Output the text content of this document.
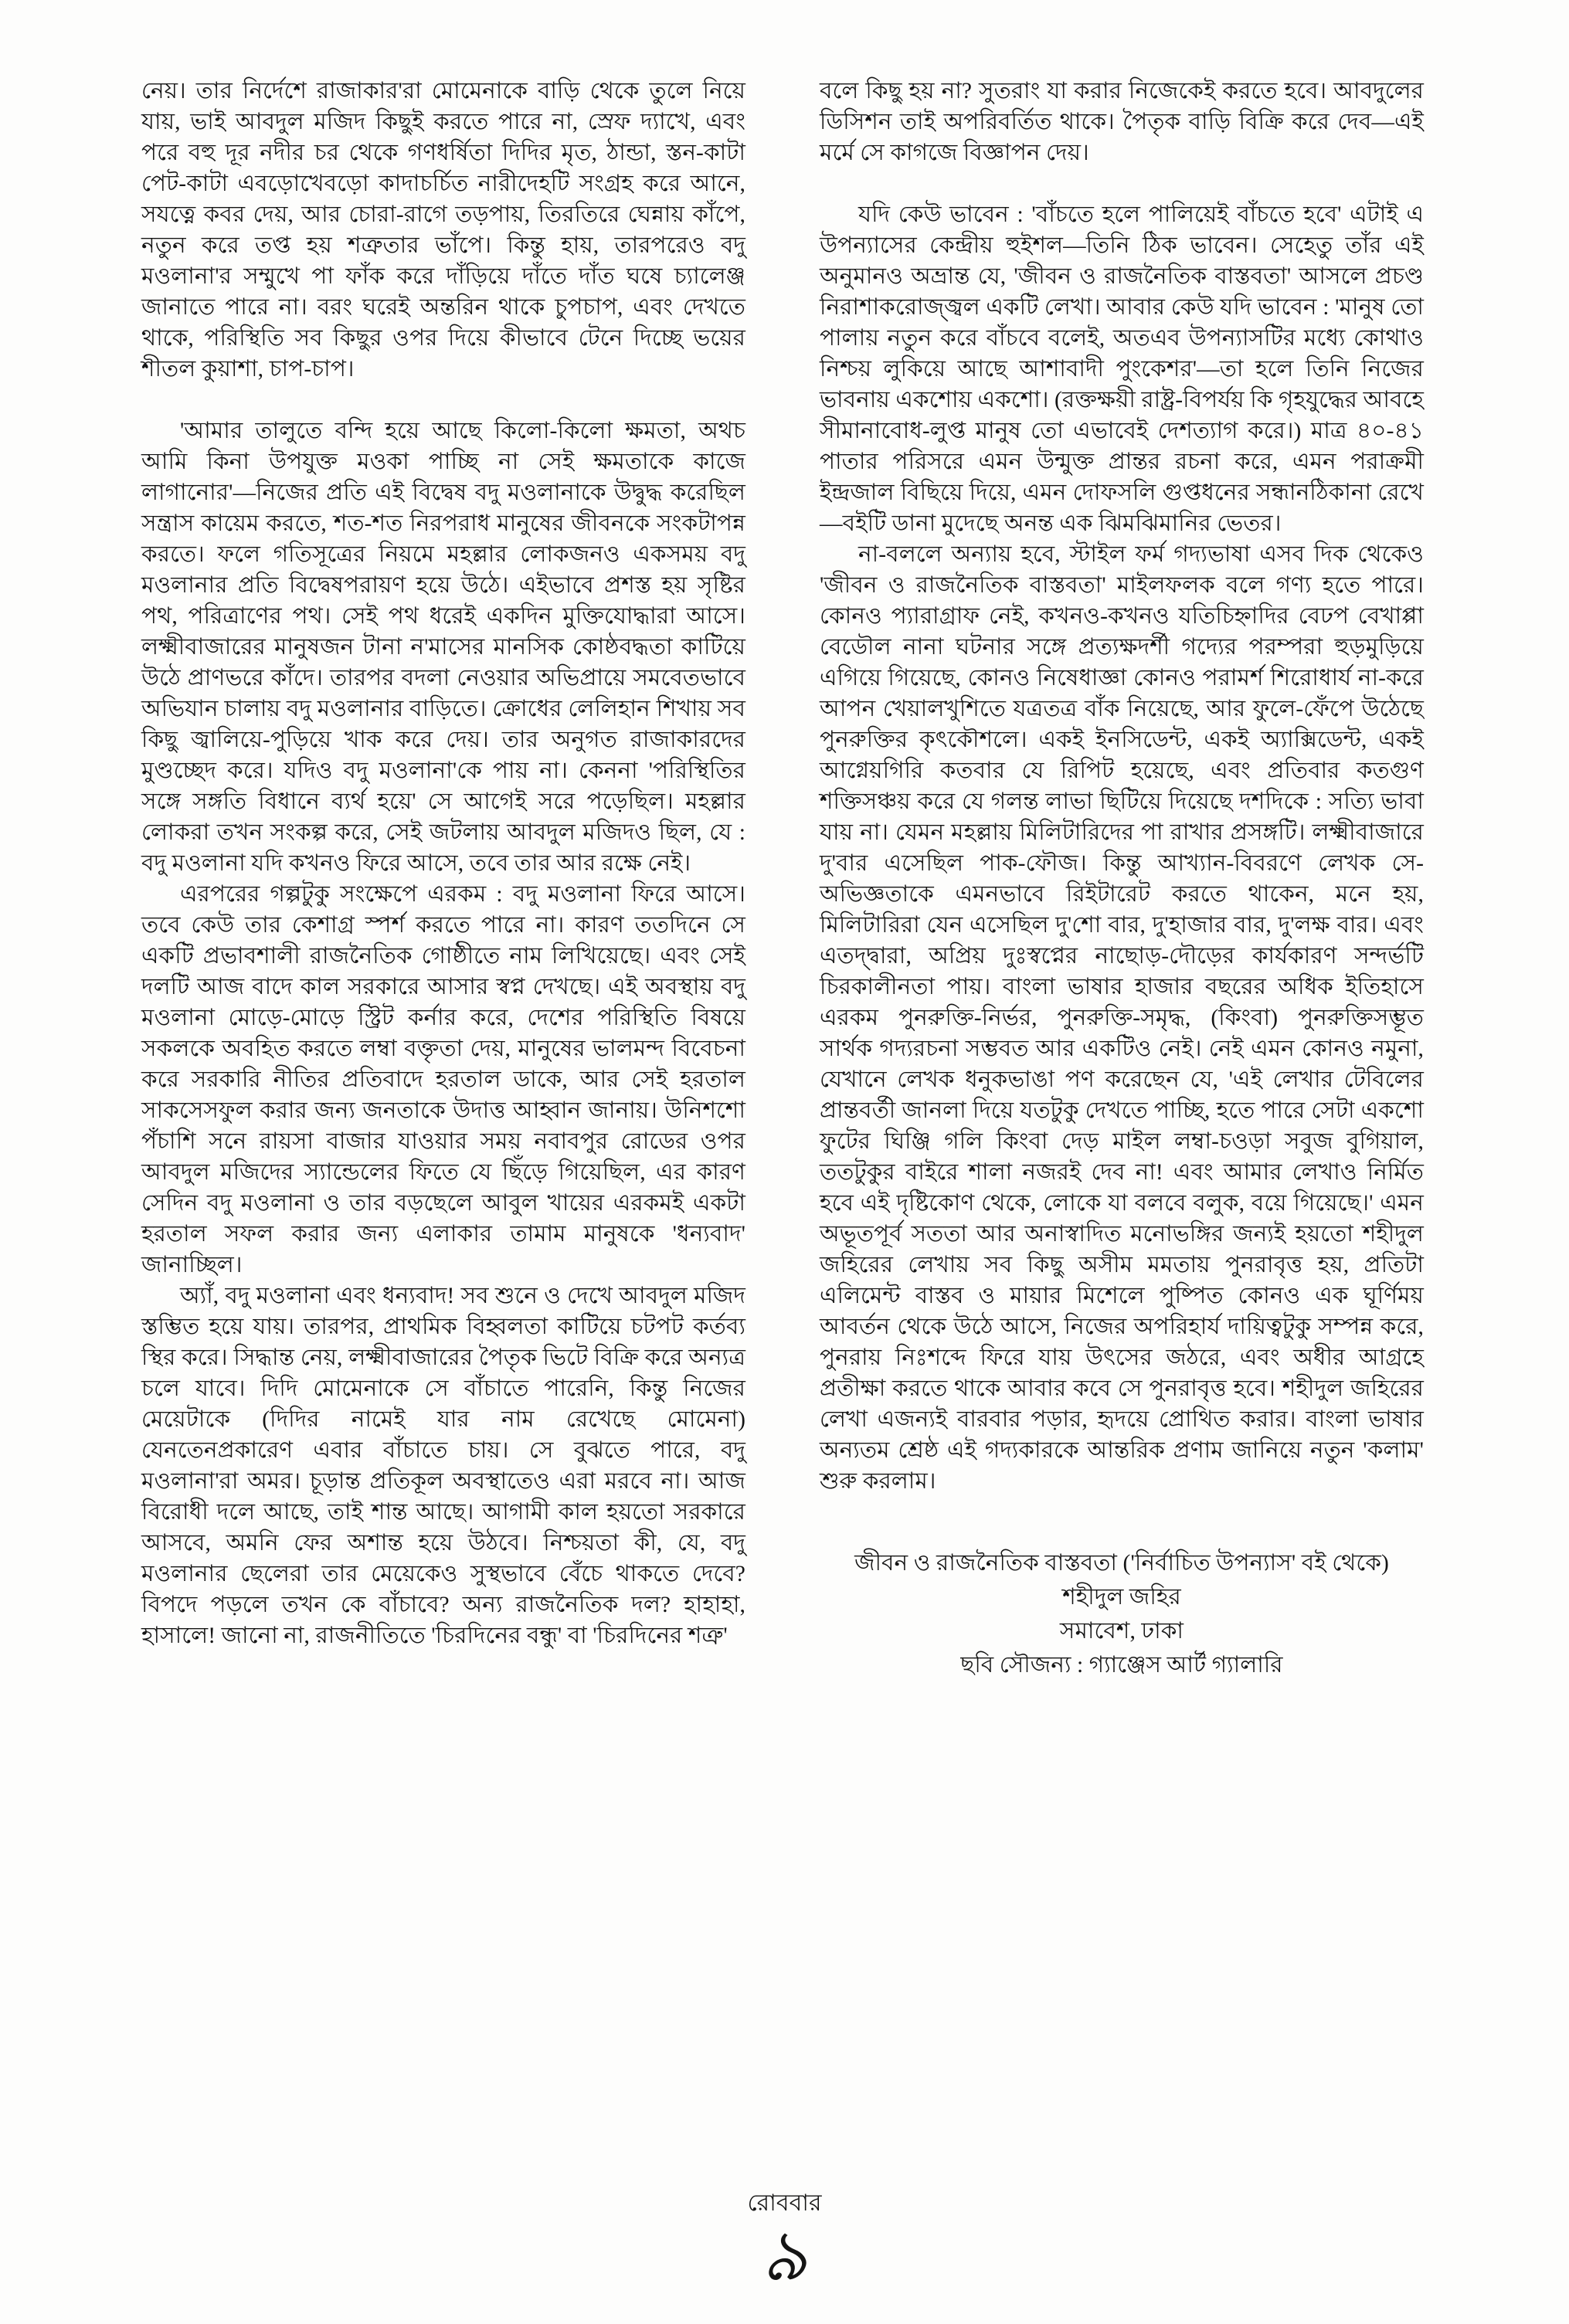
নেয়। তার নির্দেশে রাজাকার'রা মোমেনাকে বাড়ি থেকে তুলে নিয়ে যায়, ভাই আবদুল মজিদ কিছুই করতে পারে না, স্রেফ দ্যাখে, এবং পরে বহু দূর নদীর চর থেকে গণধর্ষিতা দিদির মৃত, ঠান্ডা, স্তন-কাটা পেট-কাটা এবড়োখেবড়ো কাদাচর্চিত নারীদেহটি সংগ্রহ করে আনে, সযত্নে কবর দেয়, আর চোরা-রাগে তড়পায়, তিরতিরে ঘেন্নায় কাঁপে, নতুন করে তপ্ত হয় শত্রুতার ভাঁপে। কিন্তু হায়, তারপরেও বদু মওলানা'র সম্মুখে পা ফাঁক করে দাঁড়িয়ে দাঁতে দাঁত ঘষে চ্যালেঞ্জ জানাতে পারে না। বরং ঘরেই অন্তরিন থাকে চুপচাপ, এবং দেখতে থাকে, পরিস্থিতি সব কিছুর ওপর দিয়ে কীভাবে টেনে দিচ্ছে ভয়ের শীতল কুয়াশা, চাপ-চাপ।

'আমার তালুতে বন্দি হয়ে আছে কিলো-কিলো ক্ষমতা, অথচ আমি কিনা উপযুক্ত মওকা পাচ্ছি না সেই ক্ষমতাকে কাজে লাগানোর'—নিজের প্রতি এই বিদ্বেষ বদু মওলানাকে উদ্বুদ্ধ করেছিল সন্ত্রাস কায়েম করতে, শত-শত নিরপরাধ মানুষের জীবনকে সংকটাপন্ন করতে। ফলে গতিসূত্রের নিয়মে মহল্লার লোকজনও একসময় বদু মওলানার প্রতি বিদ্বেষপরায়ণ হয়ে উঠে। এইভাবে প্রশস্ত হয় সৃষ্টির পথ, পরিত্রাণের পথ। সেই পথ ধরেই একদিন মুক্তিযোদ্ধারা আসে। লক্ষ্মীবাজারের মানুষজন টানা ন'মাসের মানসিক কোষ্ঠবদ্ধতা কাটিয়ে উঠে প্রাণভরে কাঁদে। তারপর বদলা নেওয়ার অভিপ্রায়ে সমবেতভাবে অভিযান চালায় বদু মওলানার বাড়িতে। ক্রোধের লেলিহান শিখায় সব কিছু জ্বালিয়ে-পুড়িয়ে খাক করে দেয়। তার অনুগত রাজাকারদের মুণ্ডচ্ছেদ করে। যদিও বদু মওলানা'কে পায় না। কেননা 'পরিস্থিতির সঙ্গে সঙ্গতি বিধানে ব্যর্থ হয়ে' সে আগেই সরে পড়েছিল। মহল্লার লোকরা তখন সংকল্প করে, সেই জটলায় আবদুল মজিদও ছিল, যে : বদু মওলানা যদি কখনও ফিরে আসে, তবে তার আর রক্ষে নেই।

এরপরের গল্পটুকু সংক্ষেপে এরকম : বদু মওলানা ফিরে আসে। তবে কেউ তার কেশাগ্র স্পর্শ করতে পারে না। কারণ ততদিনে সে একটি প্রভাবশালী রাজনৈতিক গোষ্ঠীতে নাম লিখিয়েছে। এবং সেই দলটি আজ বাদে কাল সরকারে আসার স্বপ্ন দেখছে। এই অবস্থায় বদু মওলানা মোড়ে-মোড়ে স্ট্রিট কর্নার করে, দেশের পরিস্থিতি বিষয়ে সকলকে অবহিত করতে লম্বা বক্তৃতা দেয়, মানুষের ভালমন্দ বিবেচনা করে সরকারি নীতির প্রতিবাদে হরতাল ডাকে, আর সেই হরতাল সাকসেসফুল করার জন্য জনতাকে উদাত্ত আহ্বান জানায়। উনিশশো পঁচাশি সনে রায়সা বাজার যাওয়ার সময় নবাবপুর রোডের ওপর আবদুল মজিদের স্যান্ডেলের ফিতে যে ছিঁড়ে গিয়েছিল, এর কারণ সেদিন বদু মওলানা ও তার বড়ছেলে আবুল খায়ের এরকমই একটা হরতাল সফল করার জন্য এলাকার তামাম মানুষকে 'ধন্যবাদ' জানাচ্ছিল।

অ্যাঁ, বদু মওলানা এবং ধন্যবাদ! সব শুনে ও দেখে আবদুল মজিদ স্তম্ভিত হয়ে যায়। তারপর, প্রাথমিক বিহ্বলতা কাটিয়ে চটপট কর্তব্য স্থির করে। সিদ্ধান্ত নেয়, লক্ষ্মীবাজারের পৈতৃক ভিটে বিক্রি করে অন্যত্র চলে যাবে। দিদি মোমেনাকে সে বাঁচাতে পারেনি, কিন্তু নিজের মেয়েটাকে (দিদির নামেই যার নাম রেখেছে মোমেনা) যেনতেনপ্রকারেণ এবার বাঁচাতে চায়। সে বুঝতে পারে, বদু মওলানা'রা অমর। চূড়ান্ত প্রতিকূল অবস্থাতেও এরা মরবে না। আজ বিরোধী দলে আছে, তাই শান্ত আছে। আগামী কাল হয়তো সরকারে আসবে, অমনি ফের অশান্ত হয়ে উঠবে। নিশ্চয়তা কী, যে, বদু মওলানার ছেলেরা তার মেয়েকেও সুস্থভাবে বেঁচে থাকতে দেবে? বিপদে পড়লে তখন কে বাঁচাবে? অন্য রাজনৈতিক দল? হাহাহা, হাসালে! জানো না, রাজনীতিতে 'চিরদিনের বন্ধু' বা 'চিরদিনের শত্রু'

বলে কিছু হয় না? সুতরাং যা করার নিজেকেই করতে হবে। আবদুলের ডিসিশন তাই অপরিবর্তিত থাকে। পৈতৃক বাড়ি বিক্রি করে দেব—এই মর্মে সে কাগজে বিজ্ঞাপন দেয়।

যদি কেউ ভাবেন : 'বাঁচতে হলে পালিয়েই বাঁচতে হবে' এটাই এ উপন্যাসের কেন্দ্রীয় হুইশল—তিনি ঠিক ভাবেন। সেহেতু তাঁর এই অনুমানও অভ্রান্ত যে, 'জীবন ও রাজনৈতিক বাস্তবতা' আসলে প্রচণ্ড নিরাশাকরোজ্জ্বল একটি লেখা। আবার কেউ যদি ভাবেন : 'মানুষ তো পালায় নতুন করে বাঁচবে বলেই, অতএব উপন্যাসটির মধ্যে কোথাও নিশ্চয় লুকিয়ে আছে আশাবাদী পুংকেশর'—তা হলে তিনি নিজের ভাবনায় একশোয় একশো। (রক্তক্ষয়ী রাষ্ট্র-বিপর্যয় কি গৃহযুদ্ধের আবহে সীমানাবোধ-লুপ্ত মানুষ তো এভাবেই দেশত্যাগ করে।) মাত্র ৪০-৪১ পাতার পরিসরে এমন উন্মুক্ত প্রান্তর রচনা করে, এমন পরাক্রমী ইন্দ্রজাল বিছিয়ে দিয়ে, এমন দোফসলি গুপ্তধনের সন্ধানঠিকানা রেখে—বইটি ডানা মুদেছে অনন্ত এক ঝিমঝিমানির ভেতর।

না-বললে অন্যায় হবে, স্টাইল ফর্ম গদ্যভাষা এসব দিক থেকেও 'জীবন ও রাজনৈতিক বাস্তবতা' মাইলফলক বলে গণ্য হতে পারে। কোনও প্যারাগ্রাফ নেই, কখনও-কখনও যতিচিহ্নাদির বেঢপ বেখাপ্পা বেডৌল নানা ঘটনার সঙ্গে প্রত্যক্ষদর্শী গদ্যের পরম্পরা হুড়মুড়িয়ে এগিয়ে গিয়েছে, কোনও নিষেধাজ্ঞা কোনও পরামর্শ শিরোধার্য না-করে আপন খেয়ালখুশিতে যত্রতত্র বাঁক নিয়েছে, আর ফুলে-ফেঁপে উঠেছে পুনরুক্তির কৃৎকৌশলে। একই ইনসিডেন্ট, একই অ্যাক্সিডেন্ট, একই আগ্নেয়গিরি কতবার যে রিপিট হয়েছে, এবং প্রতিবার কতগুণ শক্তিসঞ্চয় করে যে গলন্ত লাভা ছিটিয়ে দিয়েছে দশদিকে : সত্যি ভাবা যায় না। যেমন মহল্লায় মিলিটারিদের পা রাখার প্রসঙ্গটি। লক্ষ্মীবাজারে দু'বার এসেছিল পাক-ফৌজ। কিন্তু আখ্যান-বিবরণে লেখক সে-অভিজ্ঞতাকে এমনভাবে রিইটারেট করতে থাকেন, মনে হয়, মিলিটারিরা যেন এসেছিল দু'শো বার, দু'হাজার বার, দু'লক্ষ বার। এবং এতদ্দ্বারা, অপ্রিয় দুঃস্বপ্নের নাছোড়-দৌড়ের কার্যকারণ সন্দর্ভটি চিরকালীনতা পায়। বাংলা ভাষার হাজার বছরের অধিক ইতিহাসে এরকম পুনরুক্তি-নির্ভর, পুনরুক্তি-সমৃদ্ধ, (কিংবা) পুনরুক্তিসম্ভূত সার্থক গদ্যরচনা সম্ভবত আর একটিও নেই। নেই এমন কোনও নমুনা, যেখানে লেখক ধনুকভাঙা পণ করেছেন যে, 'এই লেখার টেবিলের প্রান্তবর্তী জানলা দিয়ে যতটুকু দেখতে পাচ্ছি, হতে পারে সেটা একশো ফুটের ঘিঞ্জি গলি কিংবা দেড় মাইল লম্বা-চওড়া সবুজ বুগিয়াল, ততটুকুর বাইরে শালা নজরই দেব না! এবং আমার লেখাও নির্মিত হবে এই দৃষ্টিকোণ থেকে, লোকে যা বলবে বলুক, বয়ে গিয়েছে।' এমন অভূতপূর্ব সততা আর অনাস্বাদিত মনোভঙ্গির জন্যই হয়তো শহীদুল জহিরের লেখায় সব কিছু অসীম মমতায় পুনরাবৃত্ত হয়, প্রতিটা এলিমেন্ট বাস্তব ও মায়ার মিশেলে পুষ্পিত কোনও এক ঘূর্ণিময় আবর্তন থেকে উঠে আসে, নিজের অপরিহার্য দায়িত্বটুকু সম্পন্ন করে, পুনরায় নিঃশব্দে ফিরে যায় উৎসের জঠরে, এবং অধীর আগ্রহে প্রতীক্ষা করতে থাকে আবার কবে সে পুনরাবৃত্ত হবে। শহীদুল জহিরের লেখা এজন্যই বারবার পড়ার, হৃদয়ে প্রোথিত করার। বাংলা ভাষার অন্যতম শ্রেষ্ঠ এই গদ্যকারকে আন্তরিক প্রণাম জানিয়ে নতুন 'কলাম' শুরু করলাম।

জীবন ও রাজনৈতিক বাস্তবতা ('নির্বাচিত উপন্যাস' বই থেকে)
শহীদুল জহির
সমাবেশ, ঢাকা
ছবি সৌজন্য : গ্যাঞ্জেস আর্ট গ্যালারি
রোববার
৯
